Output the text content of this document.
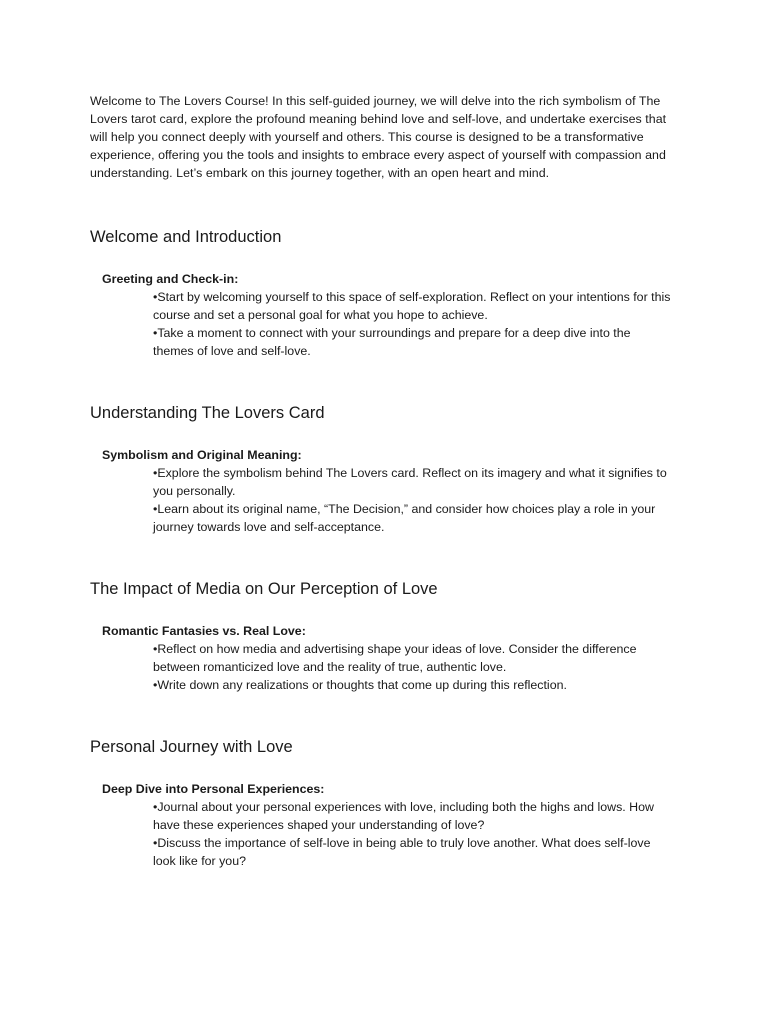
Welcome to The Lovers Course! In this self-guided journey, we will delve into the rich symbolism of The Lovers tarot card, explore the profound meaning behind love and self-love, and undertake exercises that will help you connect deeply with yourself and others. This course is designed to be a transformative experience, offering you the tools and insights to embrace every aspect of yourself with compassion and understanding. Let’s embark on this journey together, with an open heart and mind.

Welcome and Introduction
Greeting and Check-in:
• Start by welcoming yourself to this space of self-exploration. Reflect on your intentions for this course and set a personal goal for what you hope to achieve.
• Take a moment to connect with your surroundings and prepare for a deep dive into the themes of love and self-love.
Understanding The Lovers Card
Symbolism and Original Meaning:
• Explore the symbolism behind The Lovers card. Reflect on its imagery and what it signifies to you personally.
• Learn about its original name, “The Decision,” and consider how choices play a role in your journey towards love and self-acceptance.
The Impact of Media on Our Perception of Love
Romantic Fantasies vs. Real Love:
• Reflect on how media and advertising shape your ideas of love. Consider the difference between romanticized love and the reality of true, authentic love.
• Write down any realizations or thoughts that come up during this reflection.
Personal Journey with Love
Deep Dive into Personal Experiences:
• Journal about your personal experiences with love, including both the highs and lows. How have these experiences shaped your understanding of love?
• Discuss the importance of self-love in being able to truly love another. What does self-love look like for you?
